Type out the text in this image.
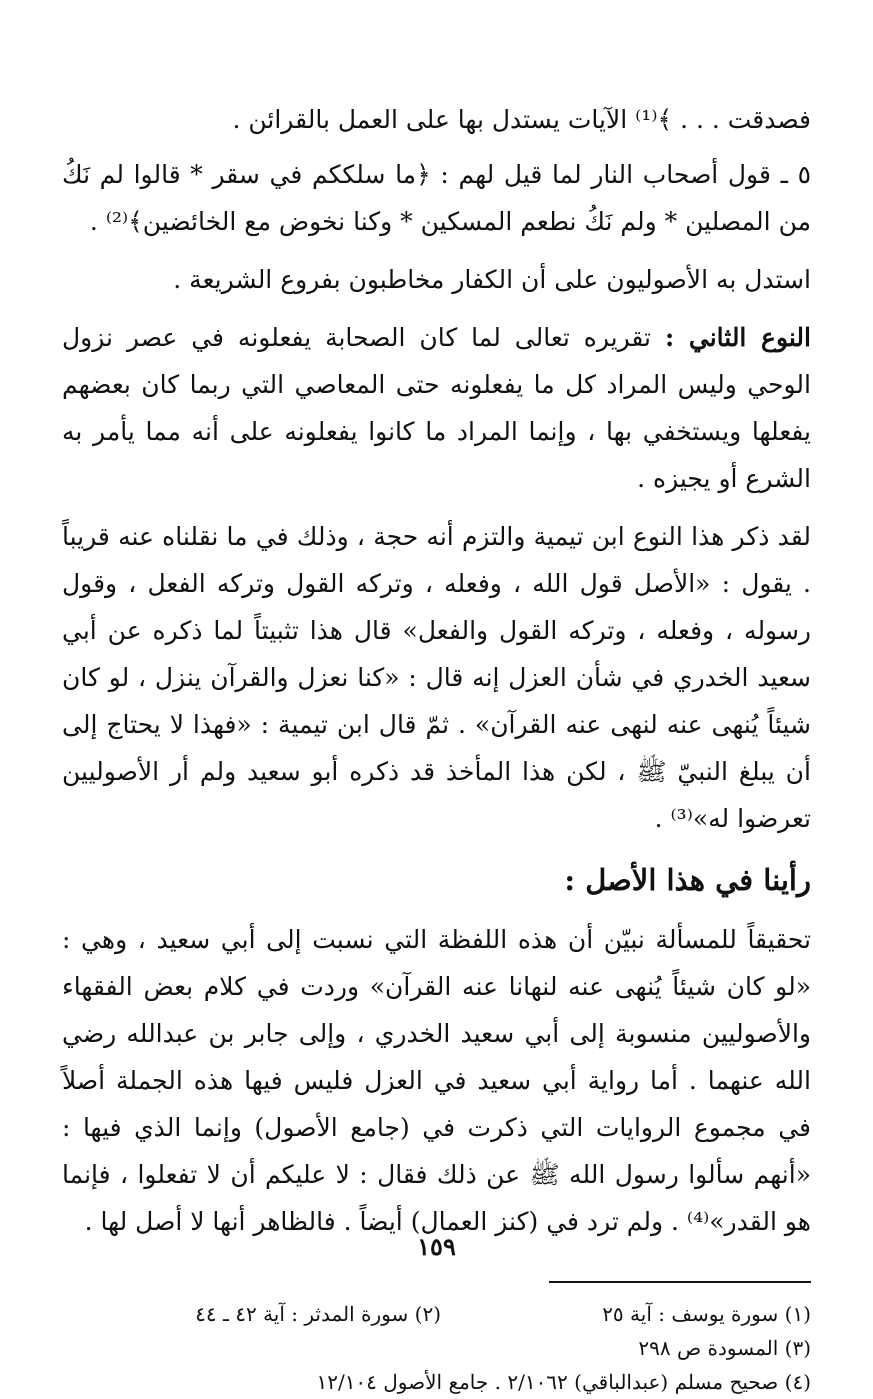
فصدقت . . . ﴾⁽¹⁾ الآيات يستدل بها على العمل بالقرائن .

٥ ـ قول أصحاب النار لما قيل لهم : ﴿ما سلككم في سقر * قالوا لم نَكُ من المصلين * ولم نَكُ نطعم المسكين * وكنا نخوض مع الخائضين﴾⁽²⁾ .

استدل به الأصوليون على أن الكفار مخاطبون بفروع الشريعة .

النوع الثاني : تقريره تعالى لما كان الصحابة يفعلونه في عصر نزول الوحي وليس المراد كل ما يفعلونه حتى المعاصي التي ربما كان بعضهم يفعلها ويستخفي بها ، وإنما المراد ما كانوا يفعلونه على أنه مما يأمر به الشرع أو يجيزه .

لقد ذكر هذا النوع ابن تيمية والتزم أنه حجة ، وذلك في ما نقلناه عنه قريباً . يقول : «الأصل قول الله ، وفعله ، وتركه القول وتركه الفعل ، وقول رسوله ، وفعله ، وتركه القول والفعل» قال هذا تثبيتاً لما ذكره عن أبي سعيد الخدري في شأن العزل إنه قال : «كنا نعزل والقرآن ينزل ، لو كان شيئاً يُنهى عنه لنهى عنه القرآن» . ثمّ قال ابن تيمية : «فهذا لا يحتاج إلى أن يبلغ النبيّ ﷺ ، لكن هذا المأخذ قد ذكره أبو سعيد ولم أر الأصوليين تعرضوا له»⁽³⁾ .

رأينا في هذا الأصل :

تحقيقاً للمسألة نبيّن أن هذه اللفظة التي نسبت إلى أبي سعيد ، وهي : «لو كان شيئاً يُنهى عنه لنهانا عنه القرآن» وردت في كلام بعض الفقهاء والأصوليين منسوبة إلى أبي سعيد الخدري ، وإلى جابر بن عبدالله رضي الله عنهما . أما رواية أبي سعيد في العزل فليس فيها هذه الجملة أصلاً في مجموع الروايات التي ذكرت في (جامع الأصول) وإنما الذي فيها : «أنهم سألوا رسول الله ﷺ عن ذلك فقال : لا عليكم أن لا تفعلوا ، فإنما هو القدر»⁽⁴⁾ . ولم ترد في (كنز العمال) أيضاً . فالظاهر أنها لا أصل لها .

(١) سورة يوسف : آية ٢٥
(٢) سورة المدثر : آية ٤٢ ـ ٤٤
(٣) المسودة ص ٢٩٨
(٤) صحيح مسلم (عبدالباقي) ٢/١٠٦٢ . جامع الأصول ١٢/١٠٤
١٥٩
